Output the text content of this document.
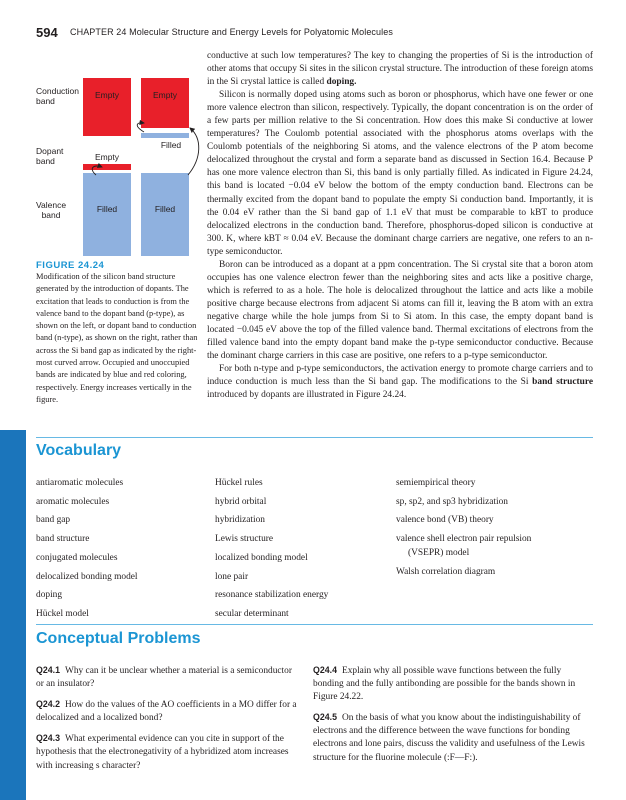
594 CHAPTER 24 Molecular Structure and Energy Levels for Polyatomic Molecules
Conduction
band
Dopant
band
Valence
band
Empty	Empty
Empty
Filled
Filled	Filled
FIGURE 24.24
Modification of the silicon band structure generated by the introduction of dopants. The excitation that leads to conduction is from the valence band to the dopant band (p-type), as shown on the left, or dopant band to conduction band (n-type), as shown on the right, rather than across the Si band gap as indicated by the right-most curved arrow. Occupied and unoccupied bands are indicated by blue and red coloring, respectively. Energy increases vertically in the figure.

conductive at such low temperatures? The key to changing the properties of Si is the introduction of other atoms that occupy Si sites in the silicon crystal structure. The introduction of these foreign atoms in the Si crystal lattice is called doping.

Silicon is normally doped using atoms such as boron or phosphorus, which have one fewer or one more valence electron than silicon, respectively. Typically, the dopant concentration is on the order of a few parts per million relative to the Si concentration. How does this make Si conductive at lower temperatures? The Coulomb potential associated with the phosphorus atoms overlaps with the Coulomb potentials of the neighboring Si atoms, and the valence electrons of the P atom become delocalized throughout the crystal and form a separate band as discussed in Section 16.4. Because P has one more valence electron than Si, this band is only partially filled. As indicated in Figure 24.24, this band is located −0.04 eV below the bottom of the empty conduction band. Electrons can be thermally excited from the dopant band to populate the empty Si conduction band. Importantly, it is the 0.04 eV rather than the Si band gap of 1.1 eV that must be comparable to kBT to produce delocalized electrons in the conduction band. Therefore, phosphorus-doped silicon is conductive at 300. K, where kBT ≈ 0.04 eV. Because the dominant charge carriers are negative, one refers to an n-type semiconductor.

Boron can be introduced as a dopant at a ppm concentration. The Si crystal site that a boron atom occupies has one valence electron fewer than the neighboring sites and acts like a positive charge, which is referred to as a hole. The hole is delocalized throughout the lattice and acts like a mobile positive charge because electrons from adjacent Si atoms can fill it, leaving the B atom with an extra negative charge while the hole jumps from Si to Si atom. In this case, the empty dopant band is located −0.045 eV above the top of the filled valence band. Thermal excitations of electrons from the filled valence band into the empty dopant band make the p-type semiconductor conductive. Because the dominant charge carriers in this case are positive, one refers to a p-type semiconductor.

For both n-type and p-type semiconductors, the activation energy to promote charge carriers and to induce conduction is much less than the Si band gap. The modifications to the Si band structure introduced by dopants are illustrated in Figure 24.24.

Vocabulary
antiaromatic molecules
aromatic molecules
band gap
band structure
conjugated molecules
delocalized bonding model
doping
Hückel model
Hückel rules
hybrid orbital
hybridization
Lewis structure
localized bonding model
lone pair
resonance stabilization energy
secular determinant
semiempirical theory
sp, sp2, and sp3 hybridization
valence bond (VB) theory
valence shell electron pair repulsion
(VSEPR) model
Walsh correlation diagram
Conceptual Problems

Q24.1 Why can it be unclear whether a material is a semiconductor or an insulator?

Q24.2 How do the values of the AO coefficients in a MO differ for a delocalized and a localized bond?

Q24.3 What experimental evidence can you cite in support of the hypothesis that the electronegativity of a hybridized atom increases with increasing s character?

Q24.4 Explain why all possible wave functions between the fully bonding and the fully antibonding are possible for the bands shown in Figure 24.22.

Q24.5 On the basis of what you know about the indistinguishability of electrons and the difference between the wave functions for bonding electrons and lone pairs, discuss the validity and usefulness of the Lewis structure for the fluorine molecule (:F—F:).
